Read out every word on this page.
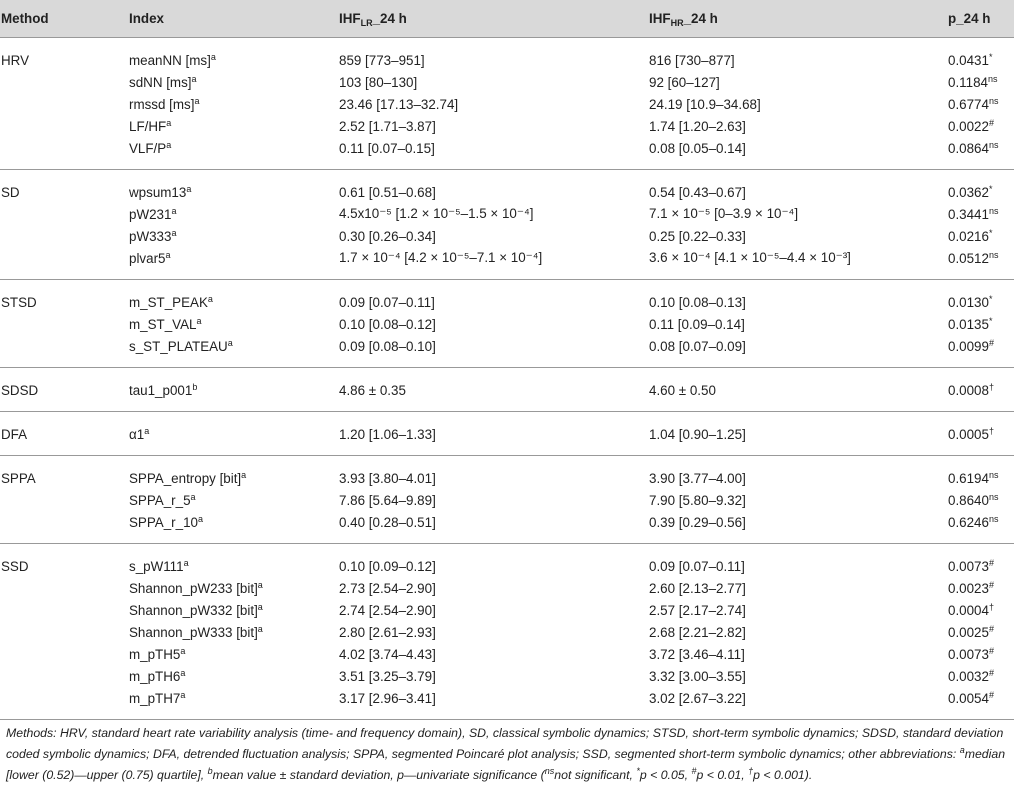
Method	Index	$IHF_{LR}\_24$ h	$IHF_{HR}\_24$ h	p_24 h
HRV	meanNN [ms]$^a$	859 [773–951]	816 [730–877]	0.0431*
	sdNN [ms]$^a$	103 [80–130]	92 [60–127]	$0.1184^{ns}$
	rmssd [ms]$^a$	23.46 [17.13–32.74]	24.19 [10.9–34.68]	$0.6774^{ns}$
	$LF/HF^a$	2.52 [1.71–3.87]	1.74 [1.20–2.63]	0.0022#
	VLF/$P^a$	0.11 [0.07–0.15]	0.08 [0.05–0.14]	$0.0864^{ns}$
SD	wpsum13$^a$	0.61 [0.51–0.68]	0.54 [0.43–0.67]	0.0362*
	pW231$^a$	4.5x10⁻⁵ [1.2 × 10⁻⁵–1.5 × 10⁻⁴]	7.1 × 10⁻⁵ [0–3.9 × 10⁻⁴]	$0.3441^{ns}$
	pW333$^a$	0.30 [0.26–0.34]	0.25 [0.22–0.33]	0.0216*
	plvar5$^a$	1.7 × 10⁻⁴ [4.2 × 10⁻⁵–7.1 × 10⁻⁴]	3.6 × 10⁻⁴ [4.1 × 10⁻⁵–4.4 × 10⁻³]	$0.0512^{ns}$
STSD	m_ST_PEAK$^a$	0.09 [0.07–0.11]	0.10 [0.08–0.13]	0.0130*
	m_ST_VAL$^a$	0.10 [0.08–0.12]	0.11 [0.09–0.14]	0.0135*
	s_ST_PLATEAU$^a$	0.09 [0.08–0.10]	0.08 [0.07–0.09]	0.0099#
SDSD	tau1_p001$^b$	4.86 ± 0.35	4.60 ± 0.50	0.0008†
DFA	α1$^a$	1.20 [1.06–1.33]	1.04 [0.90–1.25]	0.0005†
SPPA	SPPA_entropy [bit]$^a$	3.93 [3.80–4.01]	3.90 [3.77–4.00]	$0.6194^{ns}$
	SPPA_r_5$^a$	7.86 [5.64–9.89]	7.90 [5.80–9.32]	$0.8640^{ns}$
	SPPA_r_10$^a$	0.40 [0.28–0.51]	0.39 [0.29–0.56]	$0.6246^{ns}$
SSD	s_pW111$^a$	0.10 [0.09–0.12]	0.09 [0.07–0.11]	0.0073#
	Shannon_pW233 [bit]$^a$	2.73 [2.54–2.90]	2.60 [2.13–2.77]	0.0023#
	Shannon_pW332 [bit]$^a$	2.74 [2.54–2.90]	2.57 [2.17–2.74]	0.0004†
	Shannon_pW333 [bit]$^a$	2.80 [2.61–2.93]	2.68 [2.21–2.82]	0.0025#
	m_pTH5$^a$	4.02 [3.74–4.43]	3.72 [3.46–4.11]	0.0073#
	m_pTH6$^a$	3.51 [3.25–3.79]	3.32 [3.00–3.55]	0.0032#
	m_pTH7$^a$	3.17 [2.96–3.41]	3.02 [2.67–3.22]	0.0054#
Methods: HRV, standard heart rate variability analysis (time- and frequency domain), SD, classical symbolic dynamics; STSD, short-term symbolic dynamics; SDSD, standard deviation coded symbolic dynamics; DFA, detrended fluctuation analysis; SPPA, segmented Poincaré plot analysis; SSD, segmented short-term symbolic dynamics; other abbreviations: $^a$median [lower (0.52)—upper (0.75) quartile], $^b$mean value ± standard deviation, p—univariate significance ($^{ns}$not significant, *p < 0.05, #p < 0.01, †p < 0.001).
